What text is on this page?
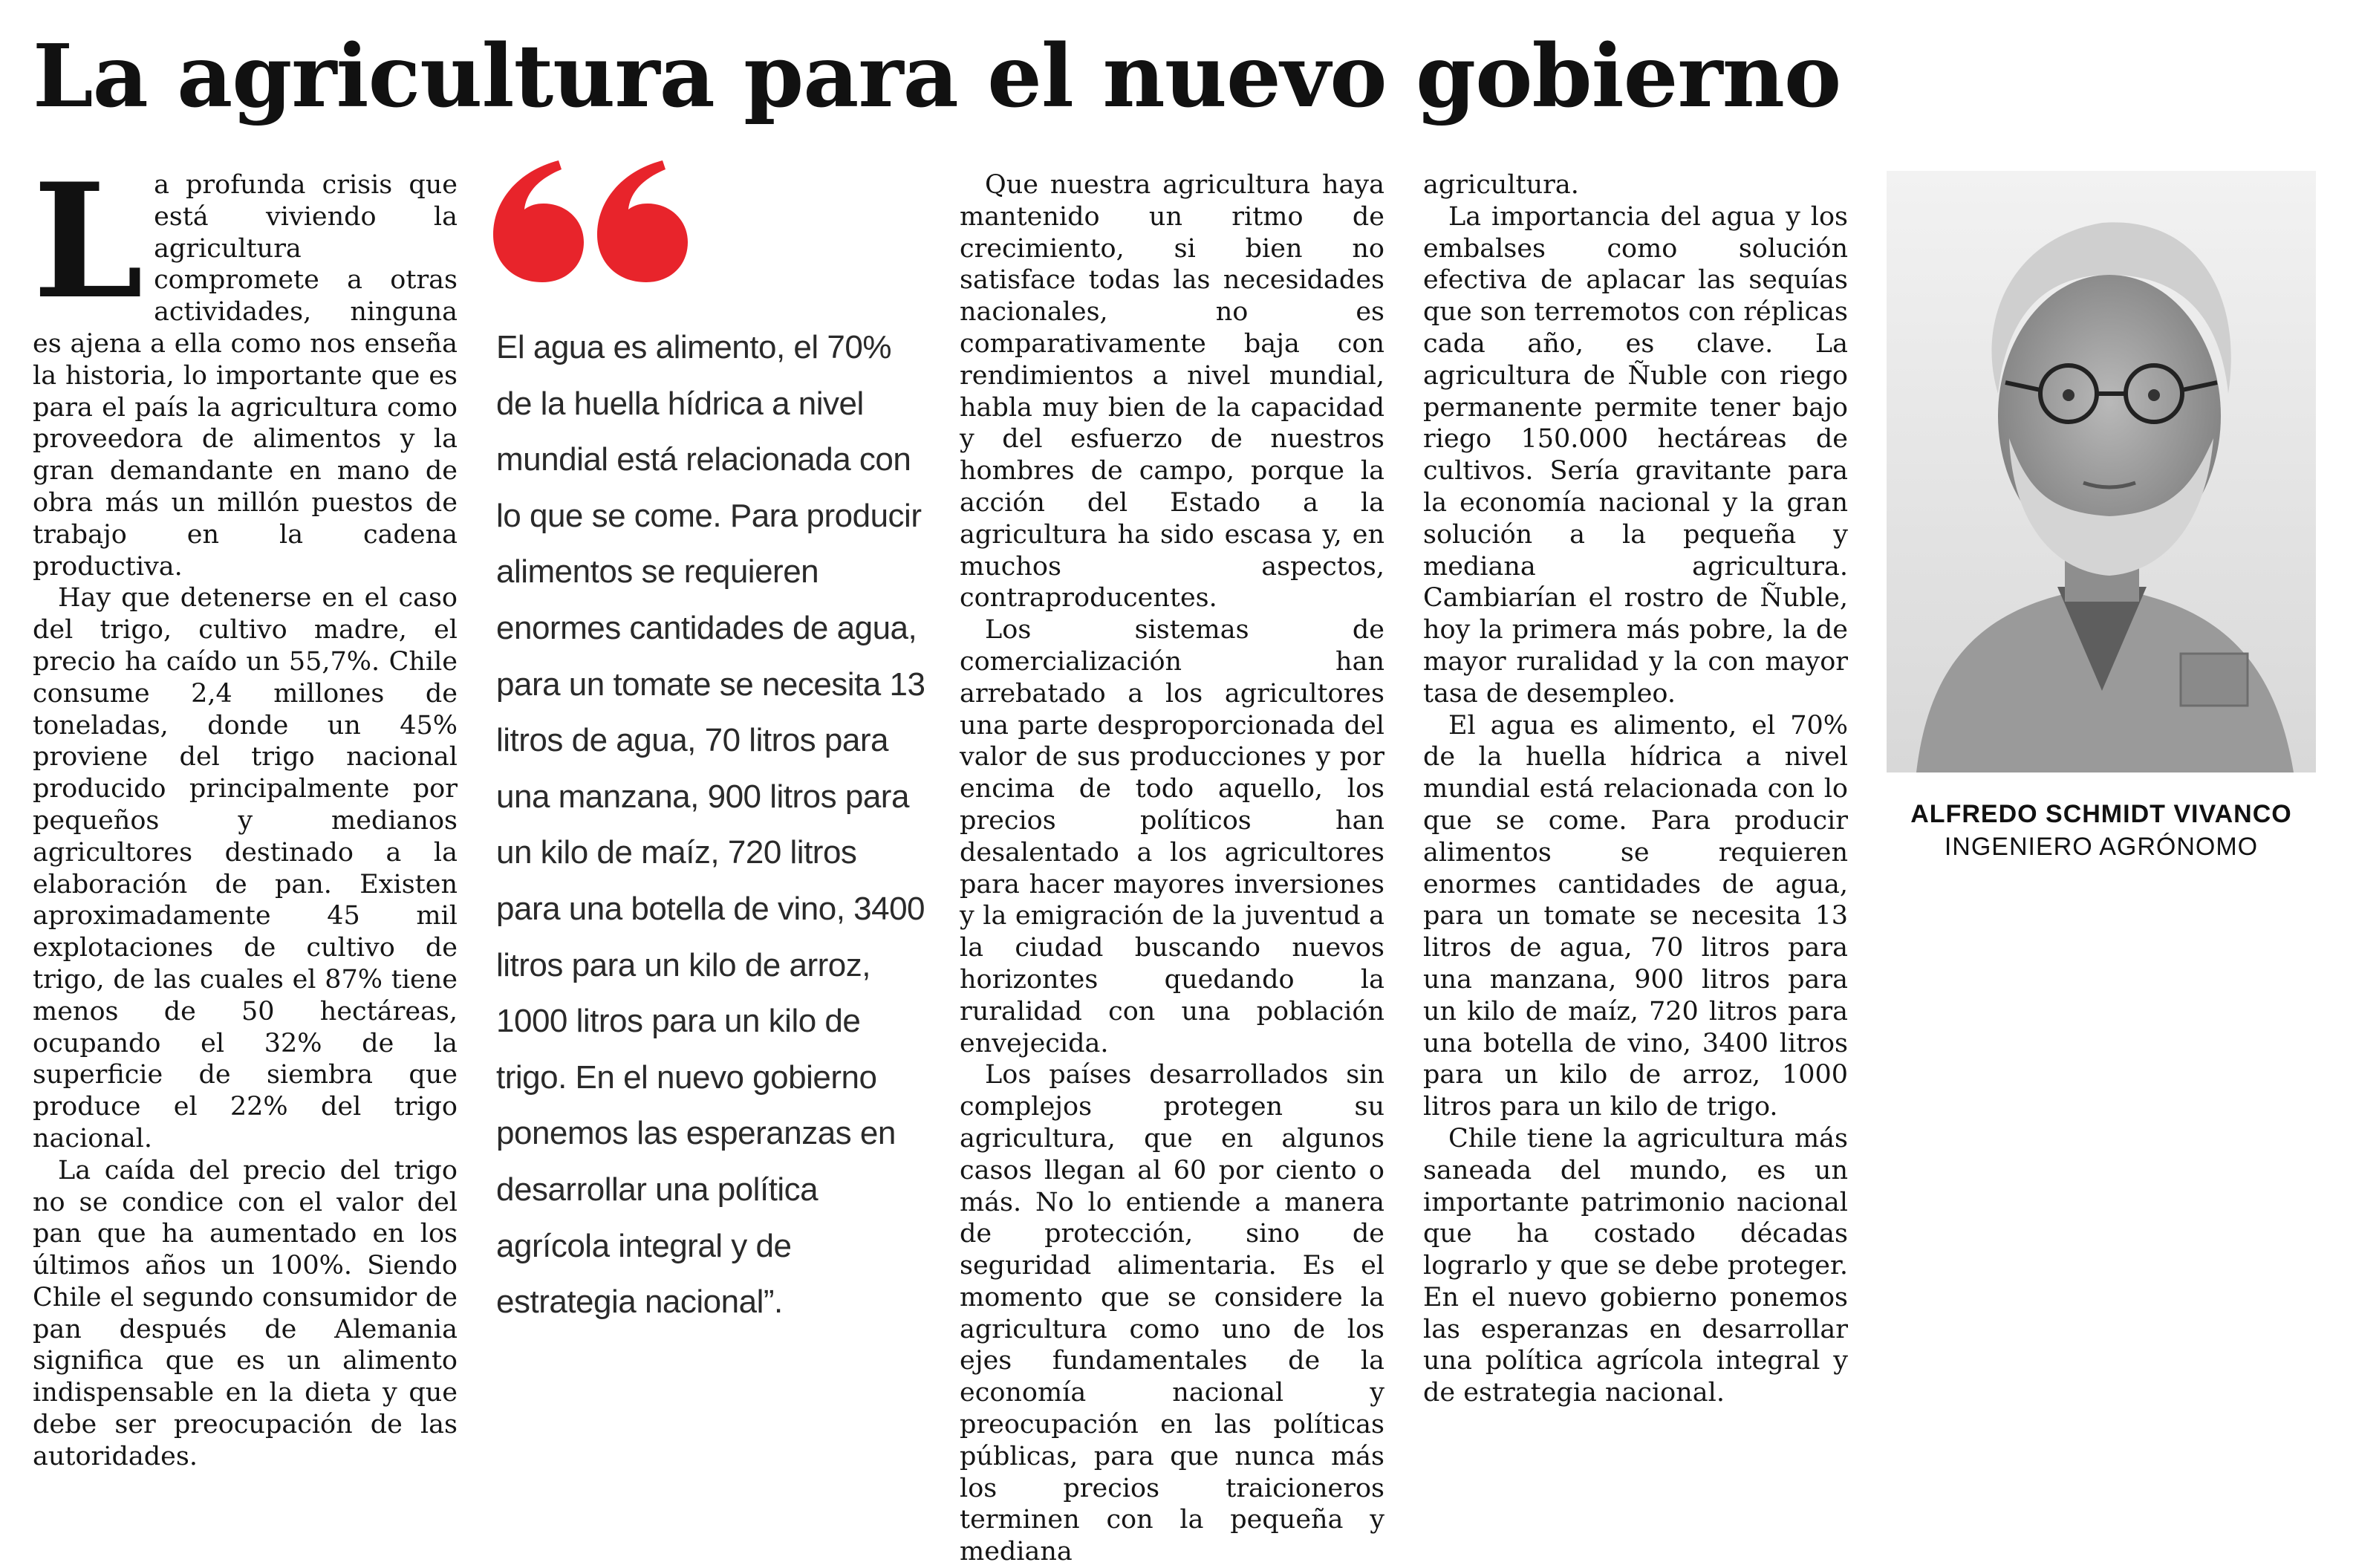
La agricultura para el nuevo gobierno

La profunda crisis que está viviendo la agricultura compromete a otras actividades, ninguna es ajena a ella como nos enseña la historia, lo importante que es para el país la agricultura como proveedora de alimentos y la gran demandante en mano de obra más un millón puestos de trabajo en la cadena productiva.

Hay que detenerse en el caso del trigo, cultivo madre, el precio ha caído un 55,7%. Chile consume 2,4 millones de toneladas, donde un 45% proviene del trigo nacional producido principalmente por pequeños y medianos agricultores destinado a la elaboración de pan. Existen aproximadamente 45 mil explotaciones de cultivo de trigo, de las cuales el 87% tiene menos de 50 hectáreas, ocupando el 32% de la superficie de siembra que produce el 22% del trigo nacional.

La caída del precio del trigo no se condice con el valor del pan que ha aumentado en los últimos años un 100%. Siendo Chile el segundo consumidor de pan después de Alemania significa que es un alimento indispensable en la dieta y que debe ser preocupación de las autoridades.

El agua es alimento, el 70% de la huella hídrica a nivel mundial está relacionada con lo que se come. Para producir alimentos se requieren enormes cantidades de agua, para un tomate se necesita 13 litros de agua, 70 litros para una manzana, 900 litros para un kilo de maíz, 720 litros para una botella de vino, 3400 litros para un kilo de arroz, 1000 litros para un kilo de trigo. En el nuevo gobierno ponemos las esperanzas en desarrollar una política agrícola integral y de estrategia nacional”.

Que nuestra agricultura haya mantenido un ritmo de crecimiento, si bien no satisface todas las necesidades nacionales, no es comparativamente baja con rendimientos a nivel mundial, habla muy bien de la capacidad y del esfuerzo de nuestros hombres de campo, porque la acción del Estado a la agricultura ha sido escasa y, en muchos aspectos, contraproducentes.

Los sistemas de comercialización han arrebatado a los agricultores una parte desproporcionada del valor de sus producciones y por encima de todo aquello, los precios políticos han desalentado a los agricultores para hacer mayores inversiones y la emigración de la juventud a la ciudad buscando nuevos horizontes quedando la ruralidad con una población envejecida.

Los países desarrollados sin complejos protegen su agricultura, que en algunos casos llegan al 60 por ciento o más. No lo entiende a manera de protección, sino de seguridad alimentaria. Es el momento que se considere la agricultura como uno de los ejes fundamentales de la economía nacional y preocupación en las políticas públicas, para que nunca más los precios traicioneros terminen con la pequeña y mediana

agricultura.

La importancia del agua y los embalses como solución efectiva de aplacar las sequías que son terremotos con réplicas cada año, es clave. La agricultura de Ñuble con riego permanente permite tener bajo riego 150.000 hectáreas de cultivos. Sería gravitante para la economía nacional y la gran solución a la pequeña y mediana agricultura. Cambiarían el rostro de Ñuble, hoy la primera más pobre, la de mayor ruralidad y la con mayor tasa de desempleo.

El agua es alimento, el 70% de la huella hídrica a nivel mundial está relacionada con lo que se come. Para producir alimentos se requieren enormes cantidades de agua, para un tomate se necesita 13 litros de agua, 70 litros para una manzana, 900 litros para un kilo de maíz, 720 litros para una botella de vino, 3400 litros para un kilo de arroz, 1000 litros para un kilo de trigo.

Chile tiene la agricultura más saneada del mundo, es un importante patrimonio nacional que ha costado décadas lograrlo y que se debe proteger. En el nuevo gobierno ponemos las esperanzas en desarrollar una política agrícola integral y de estrategia nacional.

ALFREDO SCHMIDT VIVANCO
INGENIERO AGRÓNOMO
